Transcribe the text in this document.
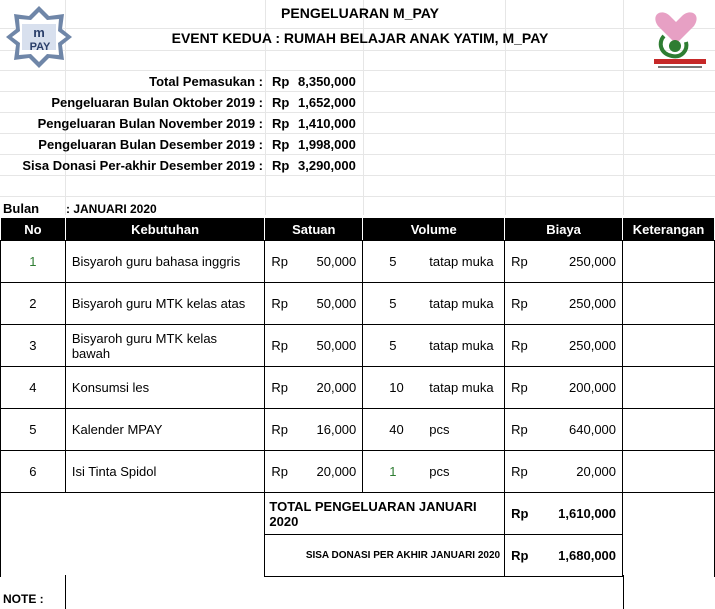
m
PAY
PENGELUARAN M_PAY
EVENT KEDUA : RUMAH BELAJAR ANAK YATIM, M_PAY
Total Pemasukan : Rp 8,350,000
Pengeluaran Bulan Oktober 2019 : Rp 1,652,000
Pengeluaran Bulan November 2019 : Rp 1,410,000
Pengeluaran Bulan Desember 2019 : Rp 1,998,000
Sisa Donasi Per-akhir Desember 2019 : Rp 3,290,000
Bulan : JANUARI 2020
No	Kebutuhan	Satuan	Volume	Biaya	Keterangan
1	Bisyaroh guru bahasa inggris	Rp 50,000	5 tatap muka	Rp 250,000	

2	Bisyaroh guru MTK kelas atas	Rp 50,000	5 tatap muka	Rp 250,000	

3	Bisyaroh guru MTK kelas bawah	Rp 50,000	5 tatap muka	Rp 250,000	

4	Konsumsi les	Rp 20,000	10 tatap muka	Rp 200,000	

5	Kalender MPAY	Rp 16,000	40 pcs	Rp 640,000	

6	Isi Tinta Spidol	Rp 20,000	1 pcs	Rp 20,000	

		TOTAL PENGELUARAN JANUARI 2020		Rp 1,610,000	

		SISA DONASI PER AKHIR JANUARI 2020		Rp 1,680,000	

NOTE :
